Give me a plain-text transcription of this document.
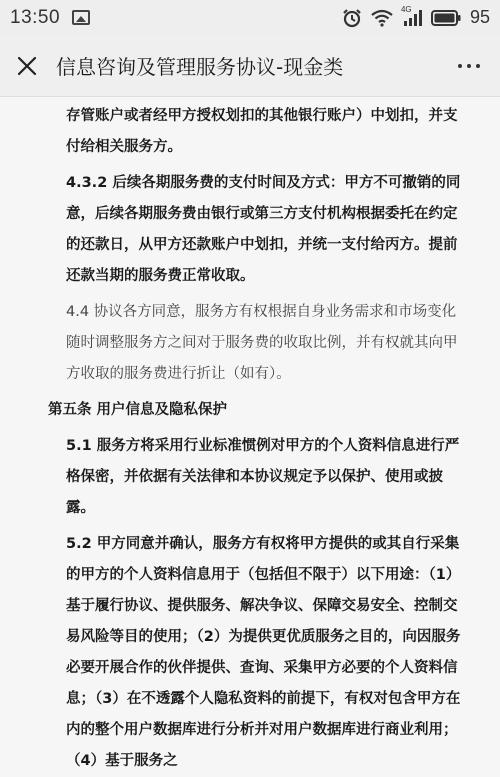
13:50	4G	95
信息咨询及管理服务协议-现金类

存管账户或者经甲方授权划扣的其他银行账户）中划扣，并支付给相关服务方。

4.3.2 后续各期服务费的支付时间及方式：甲方不可撤销的同意，后续各期服务费由银行或第三方支付机构根据委托在约定的还款日，从甲方还款账户中划扣，并统一支付给丙方。提前还款当期的服务费正常收取。

4.4 协议各方同意，服务方有权根据自身业务需求和市场变化随时调整服务方之间对于服务费的收取比例，并有权就其向甲方收取的服务费进行折让（如有）。

第五条 用户信息及隐私保护

5.1 服务方将采用行业标准惯例对甲方的个人资料信息进行严格保密，并依据有关法律和本协议规定予以保护、使用或披露。

5.2 甲方同意并确认，服务方有权将甲方提供的或其自行采集的甲方的个人资料信息用于（包括但不限于）以下用途：（1）基于履行协议、提供服务、解决争议、保障交易安全、控制交易风险等目的使用；（2）为提供更优质服务之目的，向因服务必要开展合作的伙伴提供、查询、采集甲方必要的个人资料信息；（3）在不透露个人隐私资料的前提下，有权对包含甲方在内的整个用户数据库进行分析并对用户数据库进行商业利用；（4）基于服务之
